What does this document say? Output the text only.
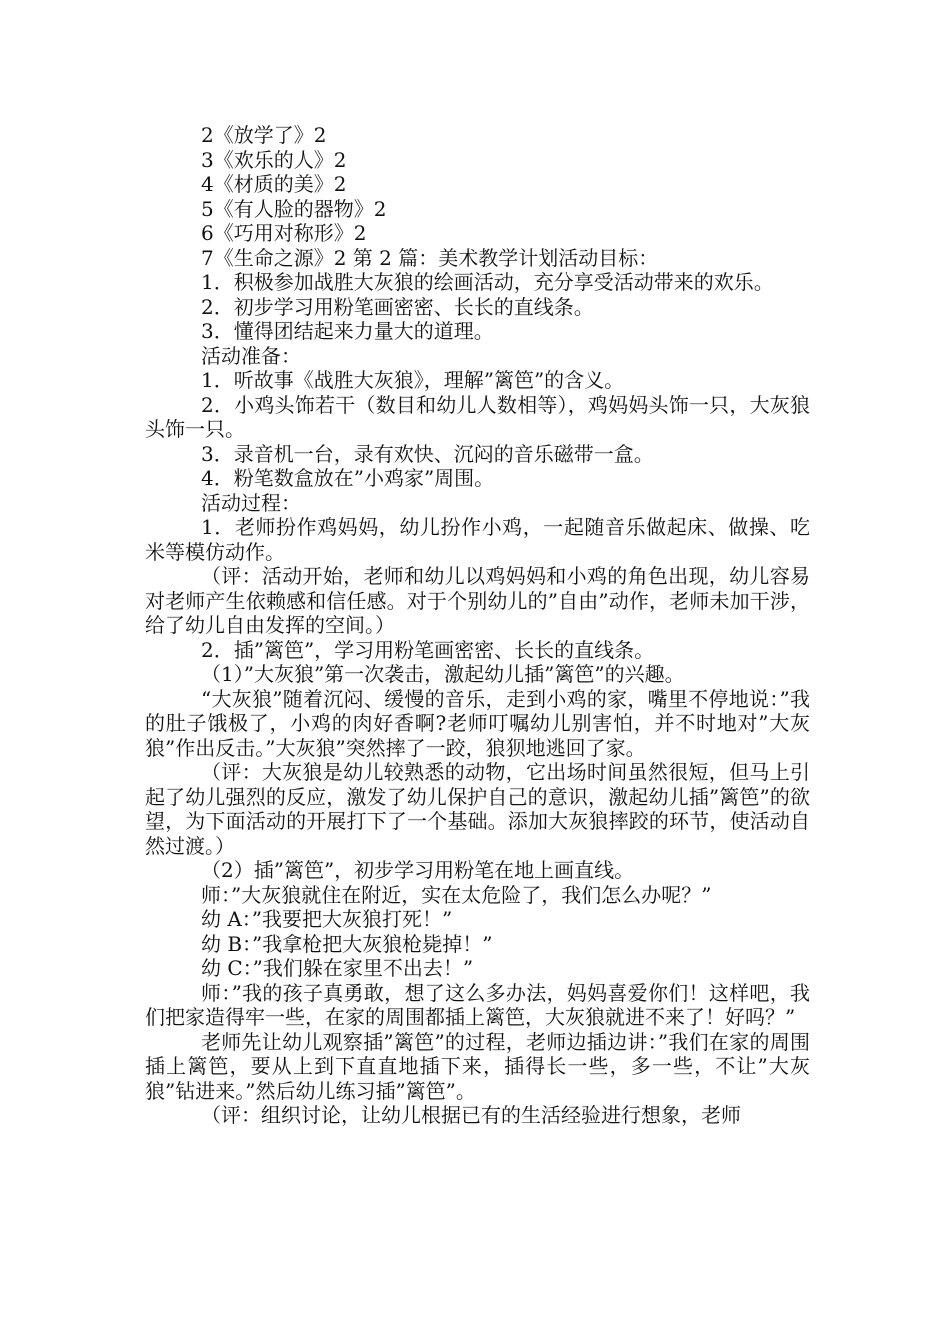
2《放学了》2

3《欢乐的人》2

4《材质的美》2

5《有人脸的器物》2

6《巧用对称形》2

7《生命之源》2 第 2 篇：美术教学计划活动目标：

1．积极参加战胜大灰狼的绘画活动，充分享受活动带来的欢乐。

2．初步学习用粉笔画密密、长长的直线条。

3．懂得团结起来力量大的道理。

活动准备：

1．听故事《战胜大灰狼》，理解”篱笆”的含义。

2．小鸡头饰若干（数目和幼儿人数相等），鸡妈妈头饰一只，大灰狼头饰一只。

3．录音机一台，录有欢快、沉闷的音乐磁带一盒。

4．粉笔数盒放在”小鸡家”周围。

活动过程：

1．老师扮作鸡妈妈，幼儿扮作小鸡，一起随音乐做起床、做操、吃米等模仿动作。

（评：活动开始，老师和幼儿以鸡妈妈和小鸡的角色出现，幼儿容易对老师产生依赖感和信任感。对于个别幼儿的”自由”动作，老师未加干涉，给了幼儿自由发挥的空间。）

2．插”篱笆”，学习用粉笔画密密、长长的直线条。

（1）”大灰狼”第一次袭击，激起幼儿插”篱笆”的兴趣。

“大灰狼”随着沉闷、缓慢的音乐，走到小鸡的家，嘴里不停地说：”我的肚子饿极了，小鸡的肉好香啊?老师叮嘱幼儿别害怕，并不时地对”大灰狼”作出反击。”大灰狼”突然摔了一跤，狼狈地逃回了家。

（评：大灰狼是幼儿较熟悉的动物，它出场时间虽然很短，但马上引起了幼儿强烈的反应，激发了幼儿保护自己的意识，激起幼儿插”篱笆”的欲望，为下面活动的开展打下了一个基础。添加大灰狼摔跤的环节，使活动自然过渡。）

（2）插”篱笆”，初步学习用粉笔在地上画直线。

师：”大灰狼就住在附近，实在太危险了，我们怎么办呢？”

幼 A：”我要把大灰狼打死！”

幼 B：”我拿枪把大灰狼枪毙掉！”

幼 C：”我们躲在家里不出去！”

师：”我的孩子真勇敢，想了这么多办法，妈妈喜爱你们！这样吧，我们把家造得牢一些，在家的周围都插上篱笆，大灰狼就进不来了！好吗？”

老师先让幼儿观察插”篱笆”的过程，老师边插边讲：”我们在家的周围插上篱笆，要从上到下直直地插下来，插得长一些，多一些，不让”大灰狼”钻进来。”然后幼儿练习插”篱笆”。

（评：组织讨论，让幼儿根据已有的生活经验进行想象，老师
